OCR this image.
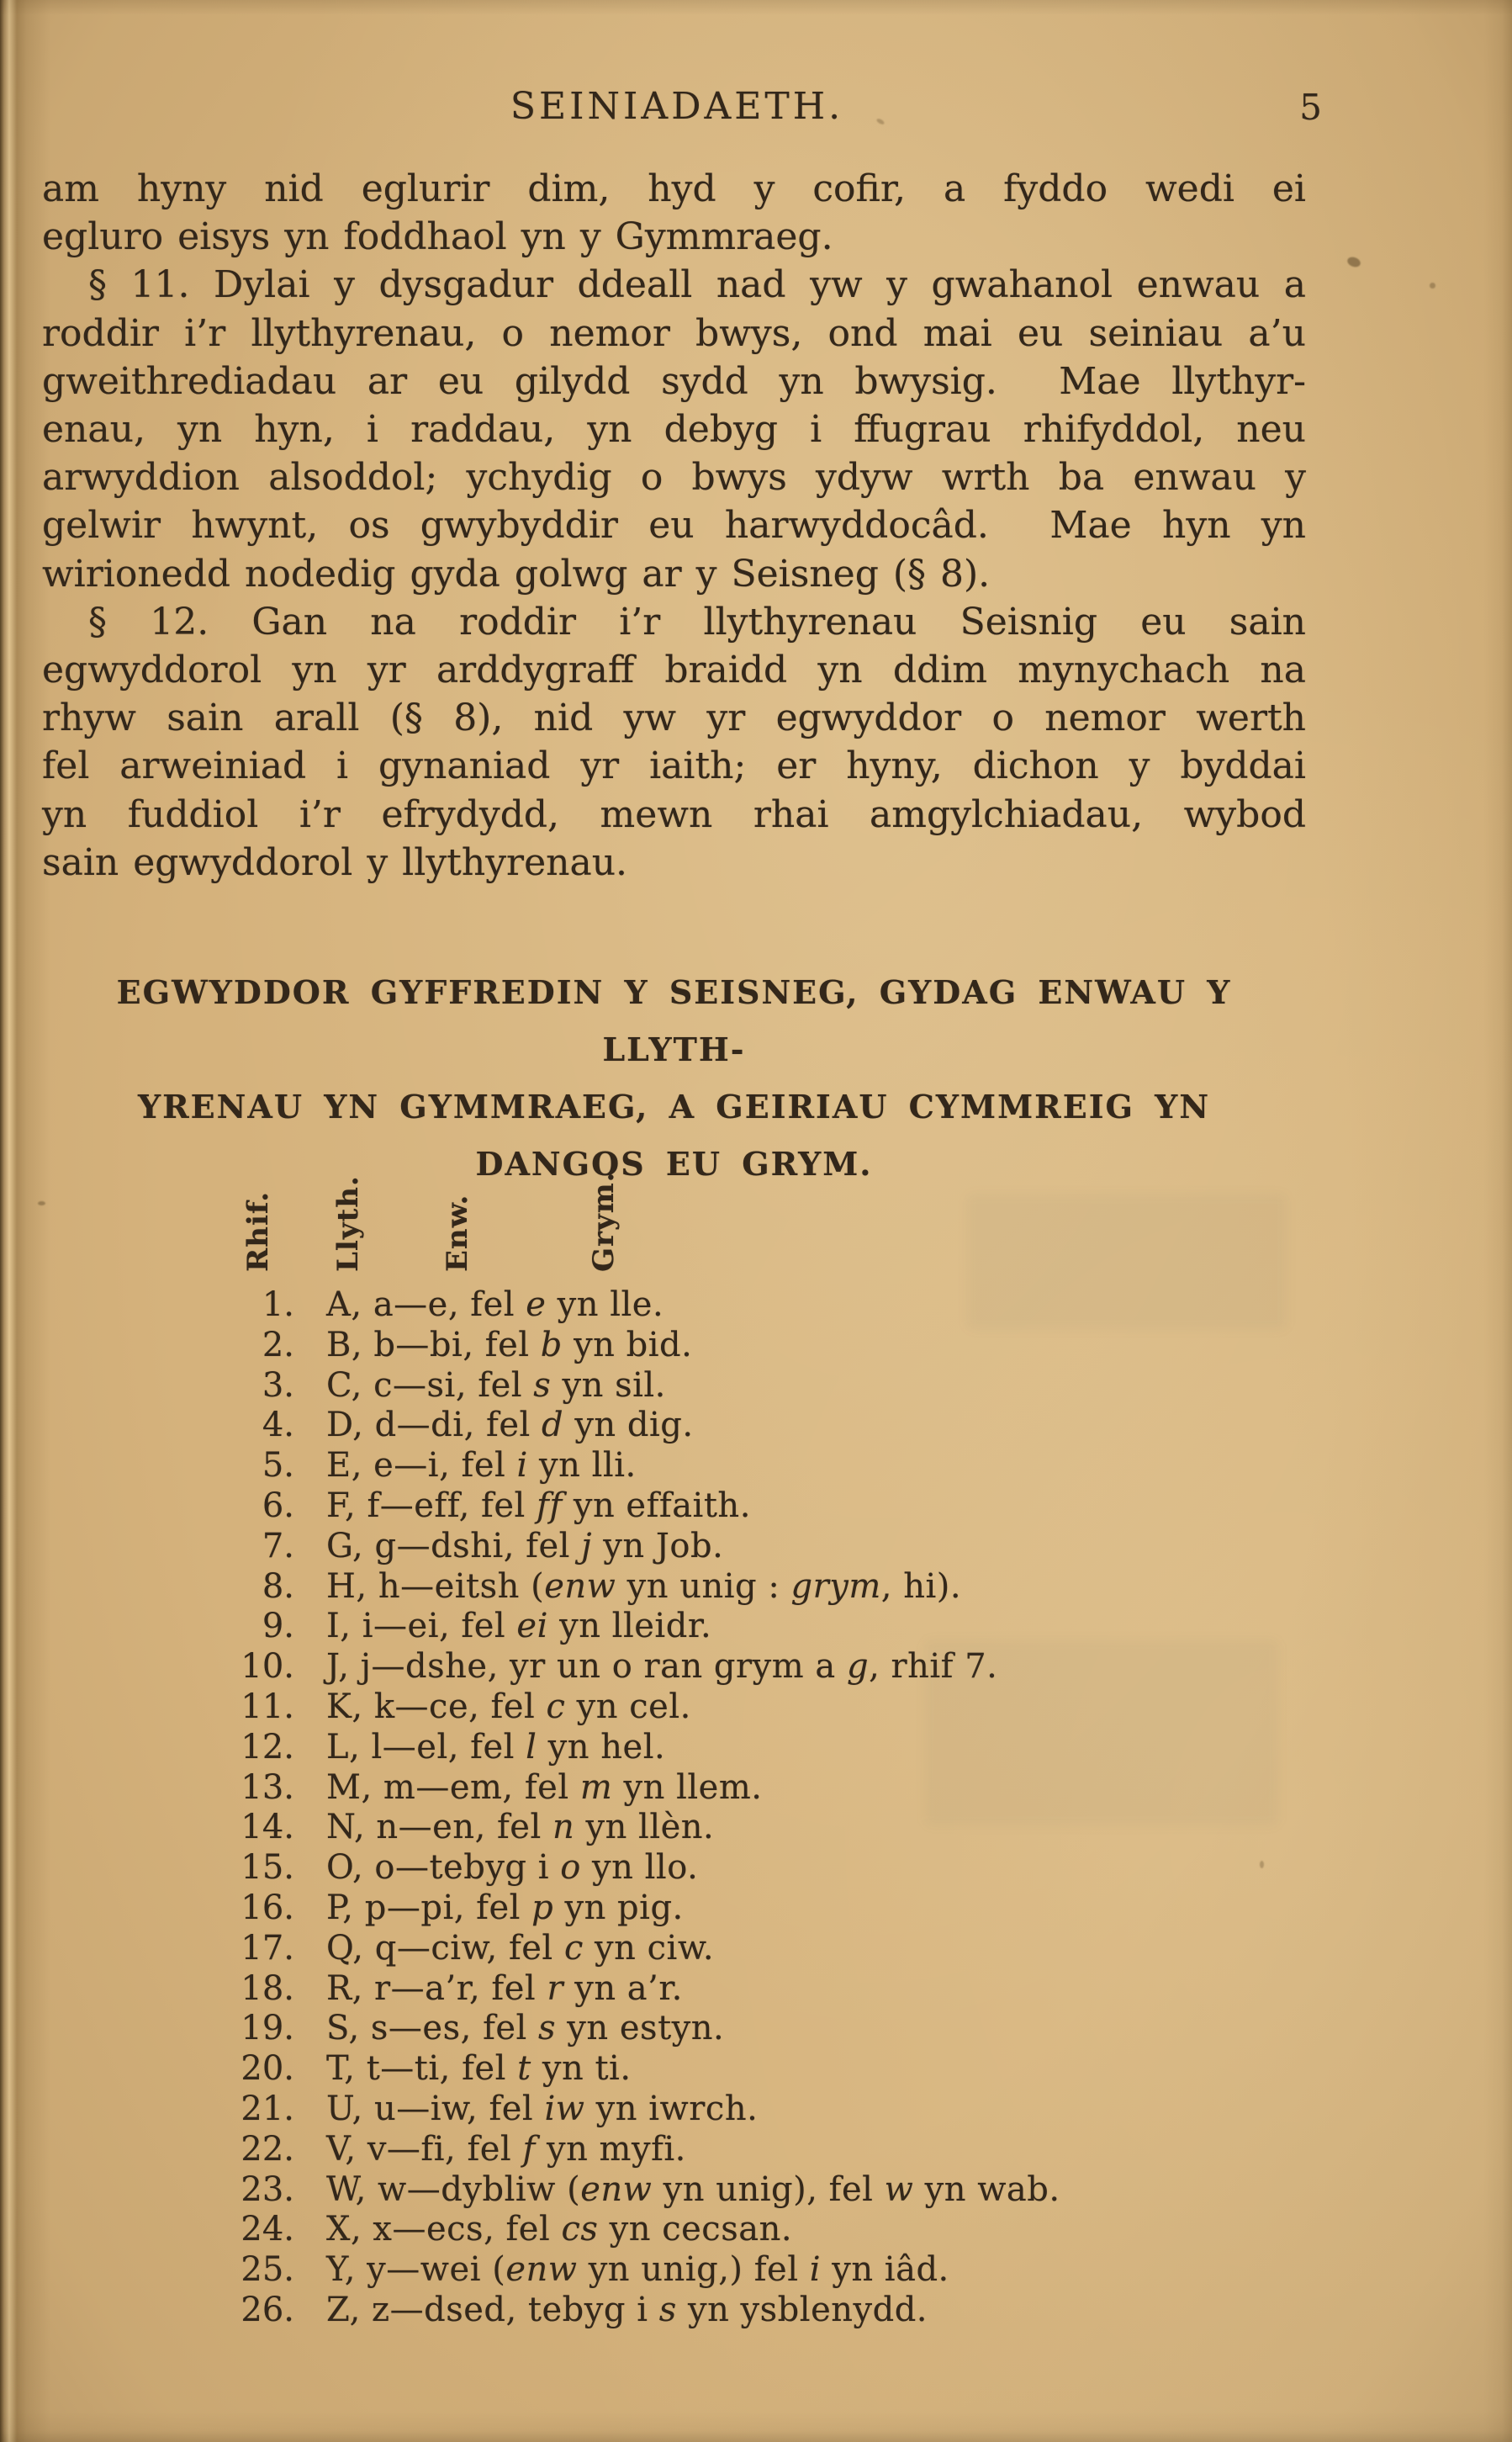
SEINIADAETH.	5
am hyny nid eglurir dim, hyd y cofir, a fyddo wedi ei
egluro eisys yn foddhaol yn y Gymmraeg.
§ 11. Dylai y dysgadur ddeall nad yw y gwahanol enwau a
roddir i’r llythyrenau, o nemor bwys, ond mai eu seiniau a’u
gweithrediadau ar eu gilydd sydd yn bwysig.  Mae llythyr-
enau, yn hyn, i raddau, yn debyg i ffugrau rhifyddol, neu
arwyddion alsoddol; ychydig o bwys ydyw wrth ba enwau y
gelwir hwynt, os gwybyddir eu harwyddocâd.  Mae hyn yn
wirionedd nodedig gyda golwg ar y Seisneg (§ 8).
§ 12. Gan na roddir i’r llythyrenau Seisnig eu sain
egwyddorol yn yr arddygraff braidd yn ddim mynychach na
rhyw sain arall (§ 8), nid yw yr egwyddor o nemor werth
fel arweiniad i gynaniad yr iaith; er hyny, dichon y byddai
yn fuddiol i’r efrydydd, mewn rhai amgylchiadau, wybod
sain egwyddorol y llythyrenau.
EGWYDDOR GYFFREDIN Y SEISNEG, GYDAG ENWAU Y LLYTH-
YRENAU YN GYMMRAEG, A GEIRIAU CYMMREIG YN
DANGOS EU GRYM.
Rhif. Llyth.	Enw.	Grym.
1. A, a—e, fel e yn lle.
2. B, b—bi, fel b yn bid.
3. C, c—si, fel s yn sil.
4. D, d—di, fel d yn dig.
5. E, e—i, fel i yn lli.
6. F, f—eff, fel ff yn effaith.
7. G, g—dshi, fel j yn Job.
8. H, h—eitsh (enw yn unig : grym, hi).
9. I, i—ei, fel ei yn lleidr.
10. J, j—dshe, yr un o ran grym a g, rhif 7.
11. K, k—ce, fel c yn cel.
12. L, l—el, fel l yn hel.
13. M, m—em, fel m yn llem.
14. N, n—en, fel n yn llèn.
15. O, o—tebyg i o yn llo.
16. P, p—pi, fel p yn pig.
17. Q, q—ciw, fel c yn ciw.
18. R, r—a’r, fel r yn a’r.
19. S, s—es, fel s yn estyn.
20. T, t—ti, fel t yn ti.
21. U, u—iw, fel iw yn iwrch.
22. V, v—fi, fel f yn myfi.
23. W, w—dybliw (enw yn unig), fel w yn wab.
24. X, x—ecs, fel cs yn cecsan.
25. Y, y—wei (enw yn unig,) fel i yn iâd.
26. Z, z—dsed, tebyg i s yn ysblenydd.
